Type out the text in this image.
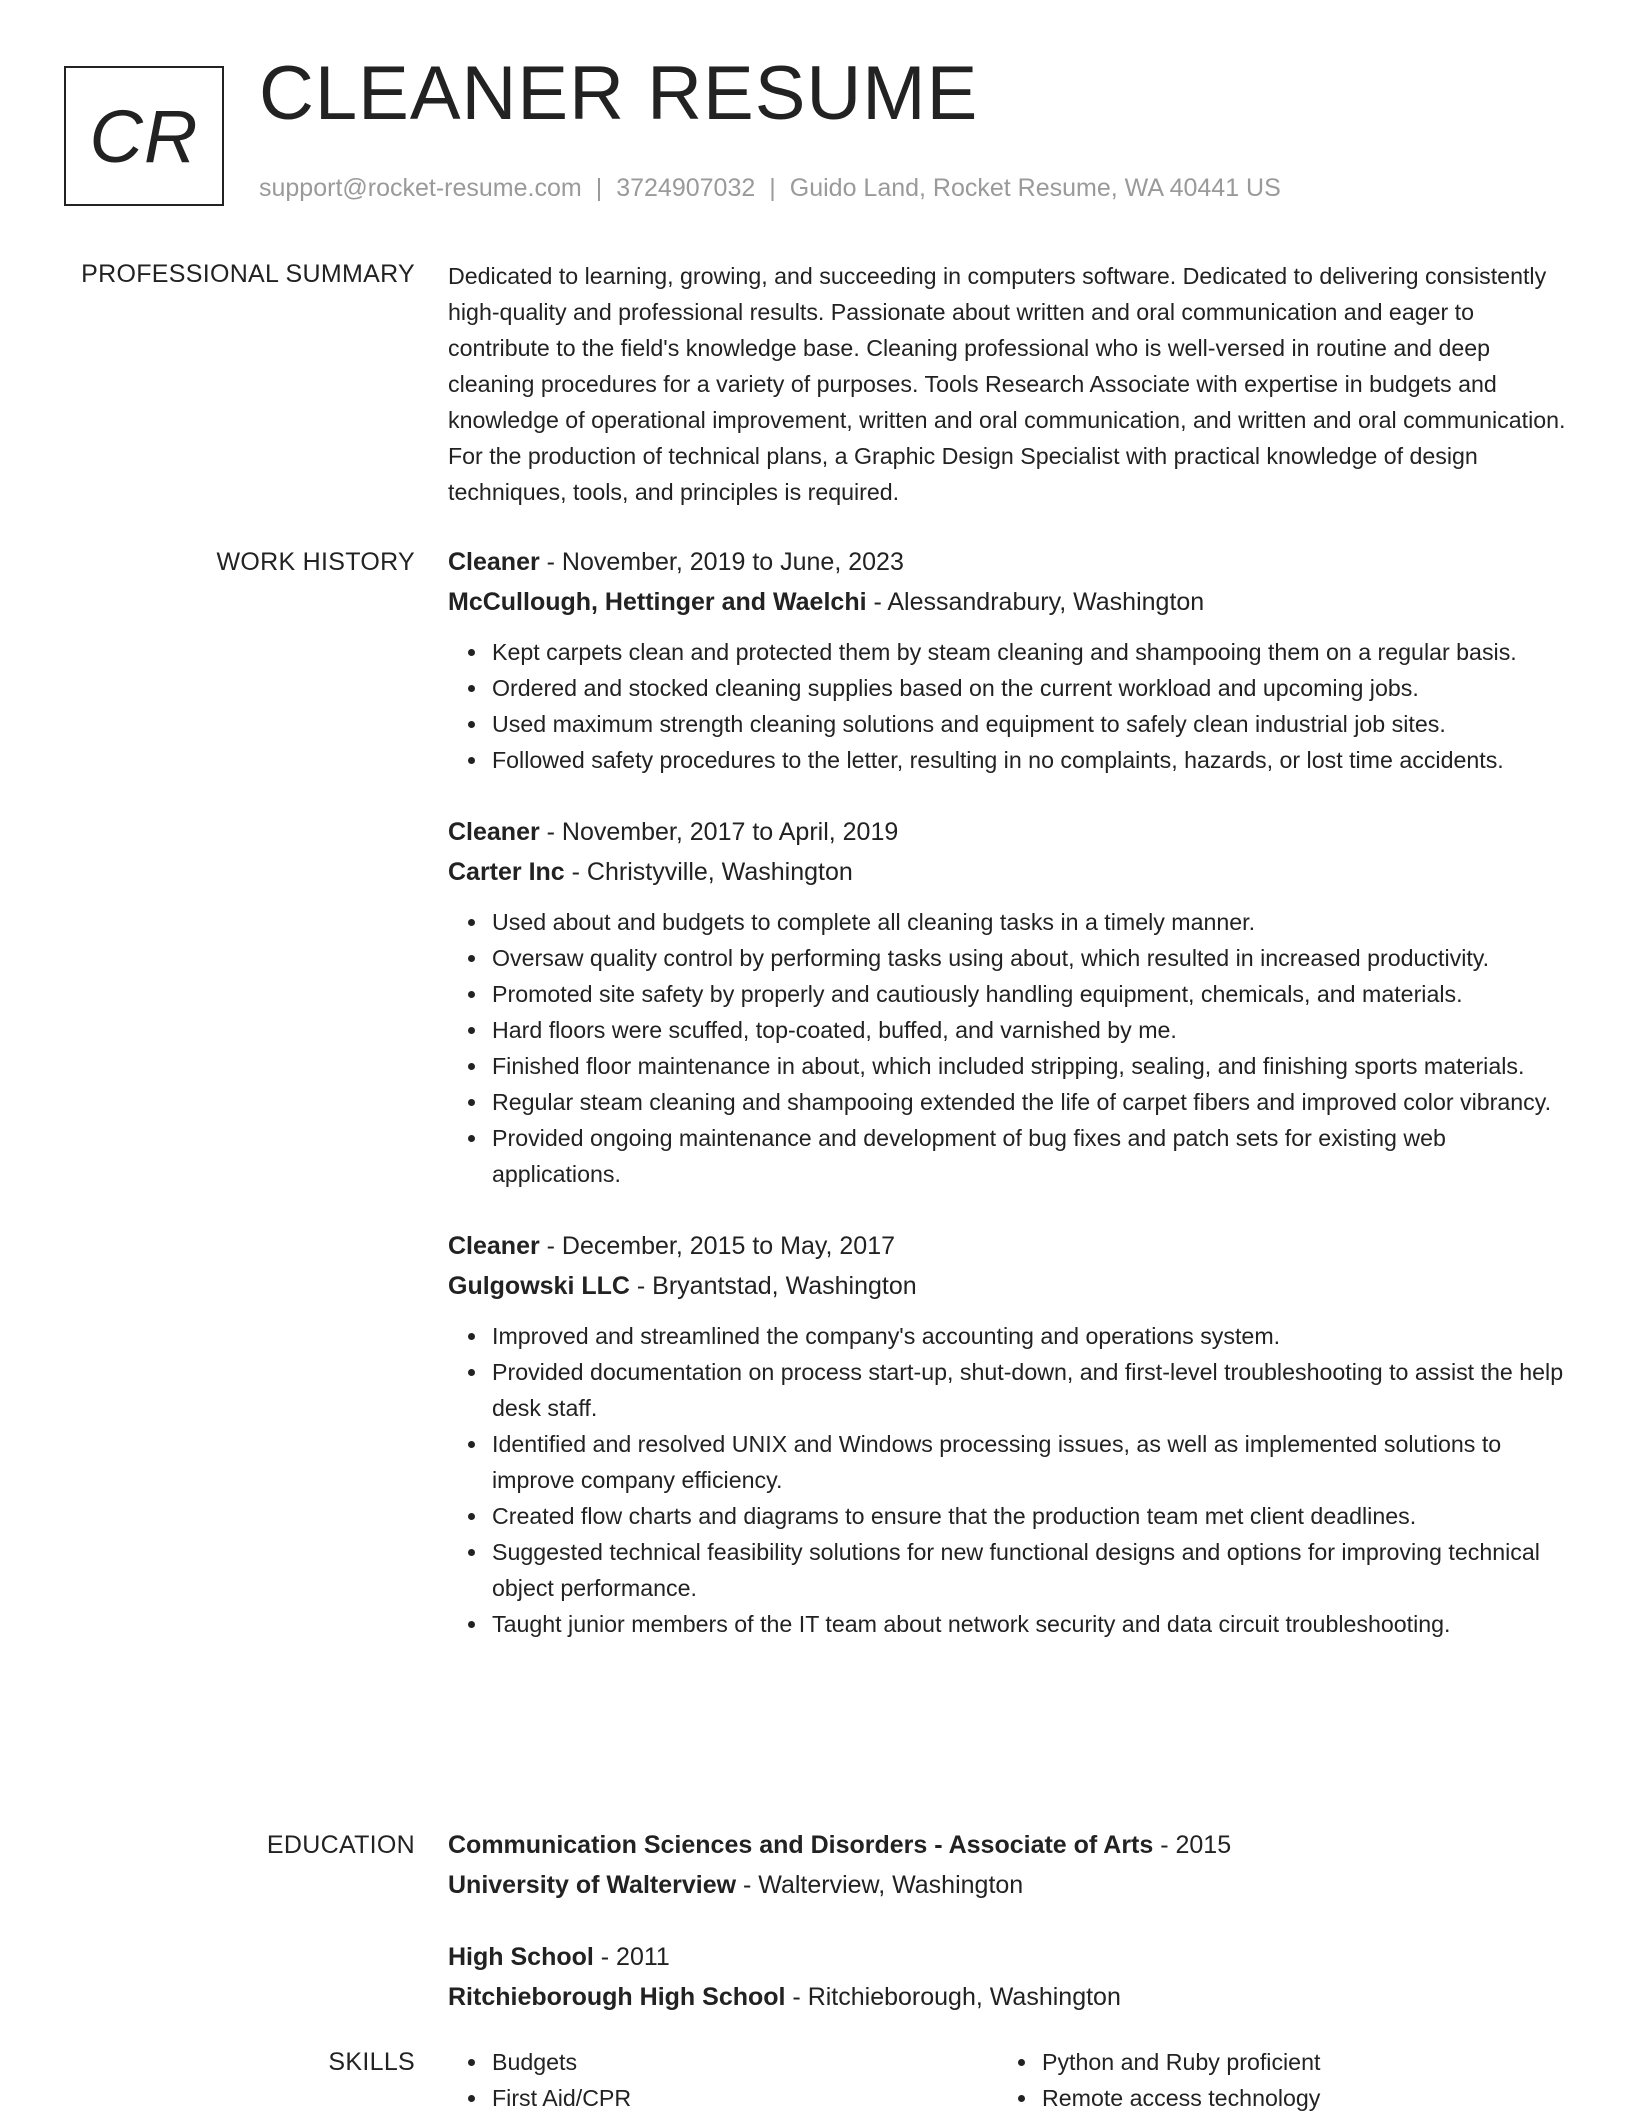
CR CLEANER RESUME
support@rocket-resume.com | 3724907032 | Guido Land, Rocket Resume, WA 40441 US
PROFESSIONAL SUMMARY Dedicated to learning, growing, and succeeding in computers software. Dedicated to delivering consistently high-quality and professional results. Passionate about written and oral communication and eager to contribute to the field's knowledge base. Cleaning professional who is well-versed in routine and deep cleaning procedures for a variety of purposes. Tools Research Associate with expertise in budgets and knowledge of operational improvement, written and oral communication, and written and oral communication. For the production of technical plans, a Graphic Design Specialist with practical knowledge of design techniques, tools, and principles is required.
WORK HISTORY Cleaner - November, 2019 to June, 2023
McCullough, Hettinger and Waelchi - Alessandrabury, Washington
Kept carpets clean and protected them by steam cleaning and shampooing them on a regular basis.
Ordered and stocked cleaning supplies based on the current workload and upcoming jobs.
Used maximum strength cleaning solutions and equipment to safely clean industrial job sites.
Followed safety procedures to the letter, resulting in no complaints, hazards, or lost time accidents.
Cleaner - November, 2017 to April, 2019
Carter Inc - Christyville, Washington
Used about and budgets to complete all cleaning tasks in a timely manner.
Oversaw quality control by performing tasks using about, which resulted in increased productivity.
Promoted site safety by properly and cautiously handling equipment, chemicals, and materials.
Hard floors were scuffed, top-coated, buffed, and varnished by me.
Finished floor maintenance in about, which included stripping, sealing, and finishing sports materials.
Regular steam cleaning and shampooing extended the life of carpet fibers and improved color vibrancy.
Provided ongoing maintenance and development of bug fixes and patch sets for existing web applications.
Cleaner - December, 2015 to May, 2017
Gulgowski LLC - Bryantstad, Washington
Improved and streamlined the company's accounting and operations system.
Provided documentation on process start-up, shut-down, and first-level troubleshooting to assist the help desk staff.
Identified and resolved UNIX and Windows processing issues, as well as implemented solutions to improve company efficiency.
Created flow charts and diagrams to ensure that the production team met client deadlines.
Suggested technical feasibility solutions for new functional designs and options for improving technical object performance.
Taught junior members of the IT team about network security and data circuit troubleshooting.
EDUCATION Communication Sciences and Disorders - Associate of Arts - 2015
University of Walterview - Walterview, Washington
High School - 2011
Ritchieborough High School - Ritchieborough, Washington
SKILLS	Budgets
First Aid/CPR
Python and Ruby proficient
Remote access technology
